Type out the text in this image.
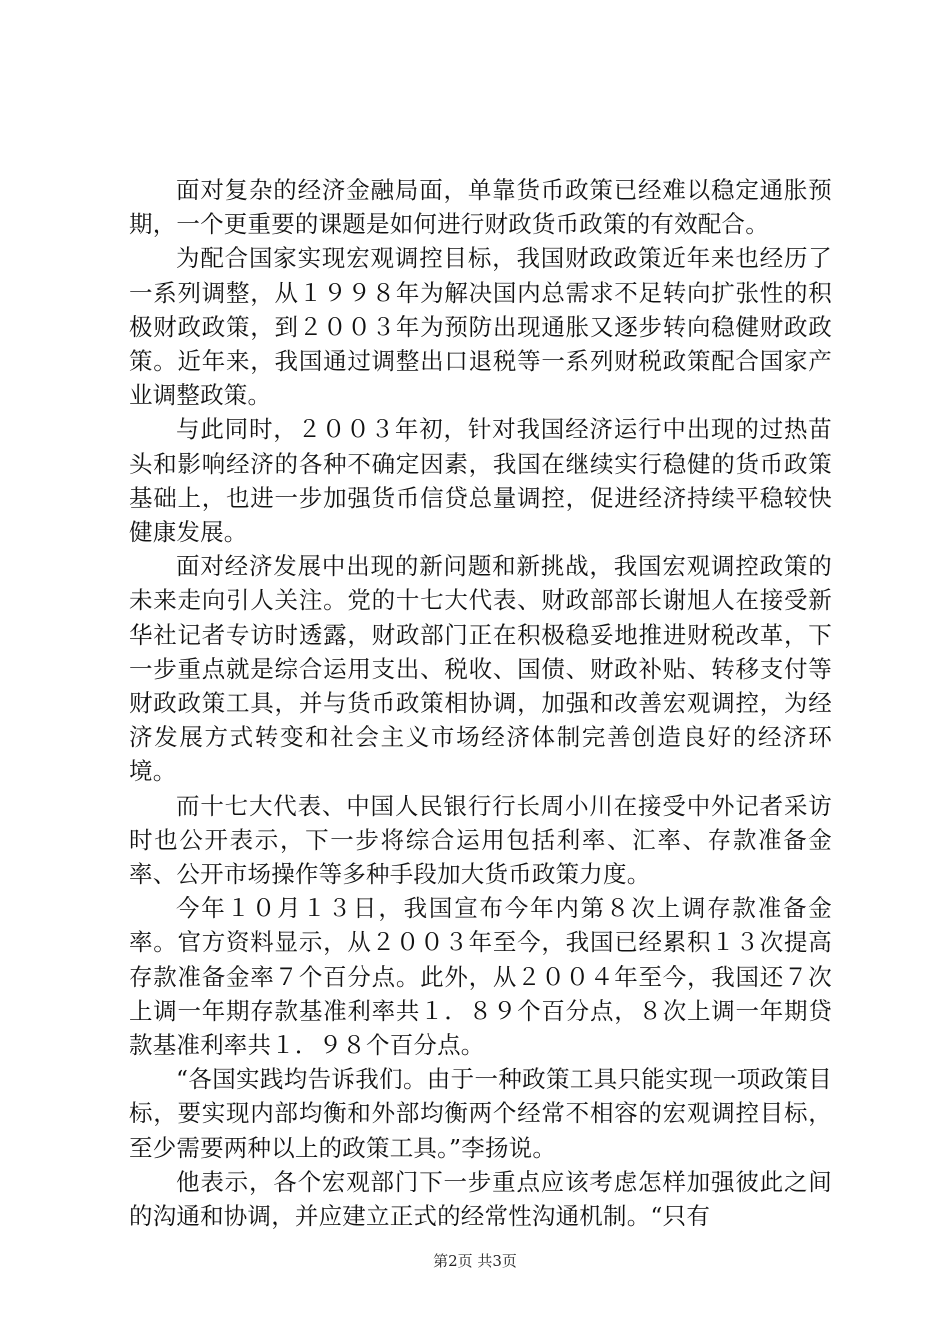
面对复杂的经济金融局面，单靠货币政策已经难以稳定通胀预期，一个更重要的课题是如何进行财政货币政策的有效配合。

为配合国家实现宏观调控目标，我国财政政策近年来也经历了一系列调整，从１９９８年为解决国内总需求不足转向扩张性的积极财政政策，到２００３年为预防出现通胀又逐步转向稳健财政政策。近年来，我国通过调整出口退税等一系列财税政策配合国家产业调整政策。

与此同时，２００３年初，针对我国经济运行中出现的过热苗头和影响经济的各种不确定因素，我国在继续实行稳健的货币政策基础上，也进一步加强货币信贷总量调控，促进经济持续平稳较快健康发展。

面对经济发展中出现的新问题和新挑战，我国宏观调控政策的未来走向引人关注。党的十七大代表、财政部部长谢旭人在接受新华社记者专访时透露，财政部门正在积极稳妥地推进财税改革，下一步重点就是综合运用支出、税收、国债、财政补贴、转移支付等财政政策工具，并与货币政策相协调，加强和改善宏观调控，为经济发展方式转变和社会主义市场经济体制完善创造良好的经济环境。

而十七大代表、中国人民银行行长周小川在接受中外记者采访时也公开表示，下一步将综合运用包括利率、汇率、存款准备金率、公开市场操作等多种手段加大货币政策力度。

今年１０月１３日，我国宣布今年内第８次上调存款准备金率。官方资料显示，从２００３年至今，我国已经累积１３次提高存款准备金率７个百分点。此外，从２００４年至今，我国还７次上调一年期存款基准利率共１．８９个百分点，８次上调一年期贷款基准利率共１．９８个百分点。

“各国实践均告诉我们。由于一种政策工具只能实现一项政策目标，要实现内部均衡和外部均衡两个经常不相容的宏观调控目标，至少需要两种以上的政策工具。”李扬说。

他表示，各个宏观部门下一步重点应该考虑怎样加强彼此之间的沟通和协调，并应建立正式的经常性沟通机制。“只有

第2页 共3页
